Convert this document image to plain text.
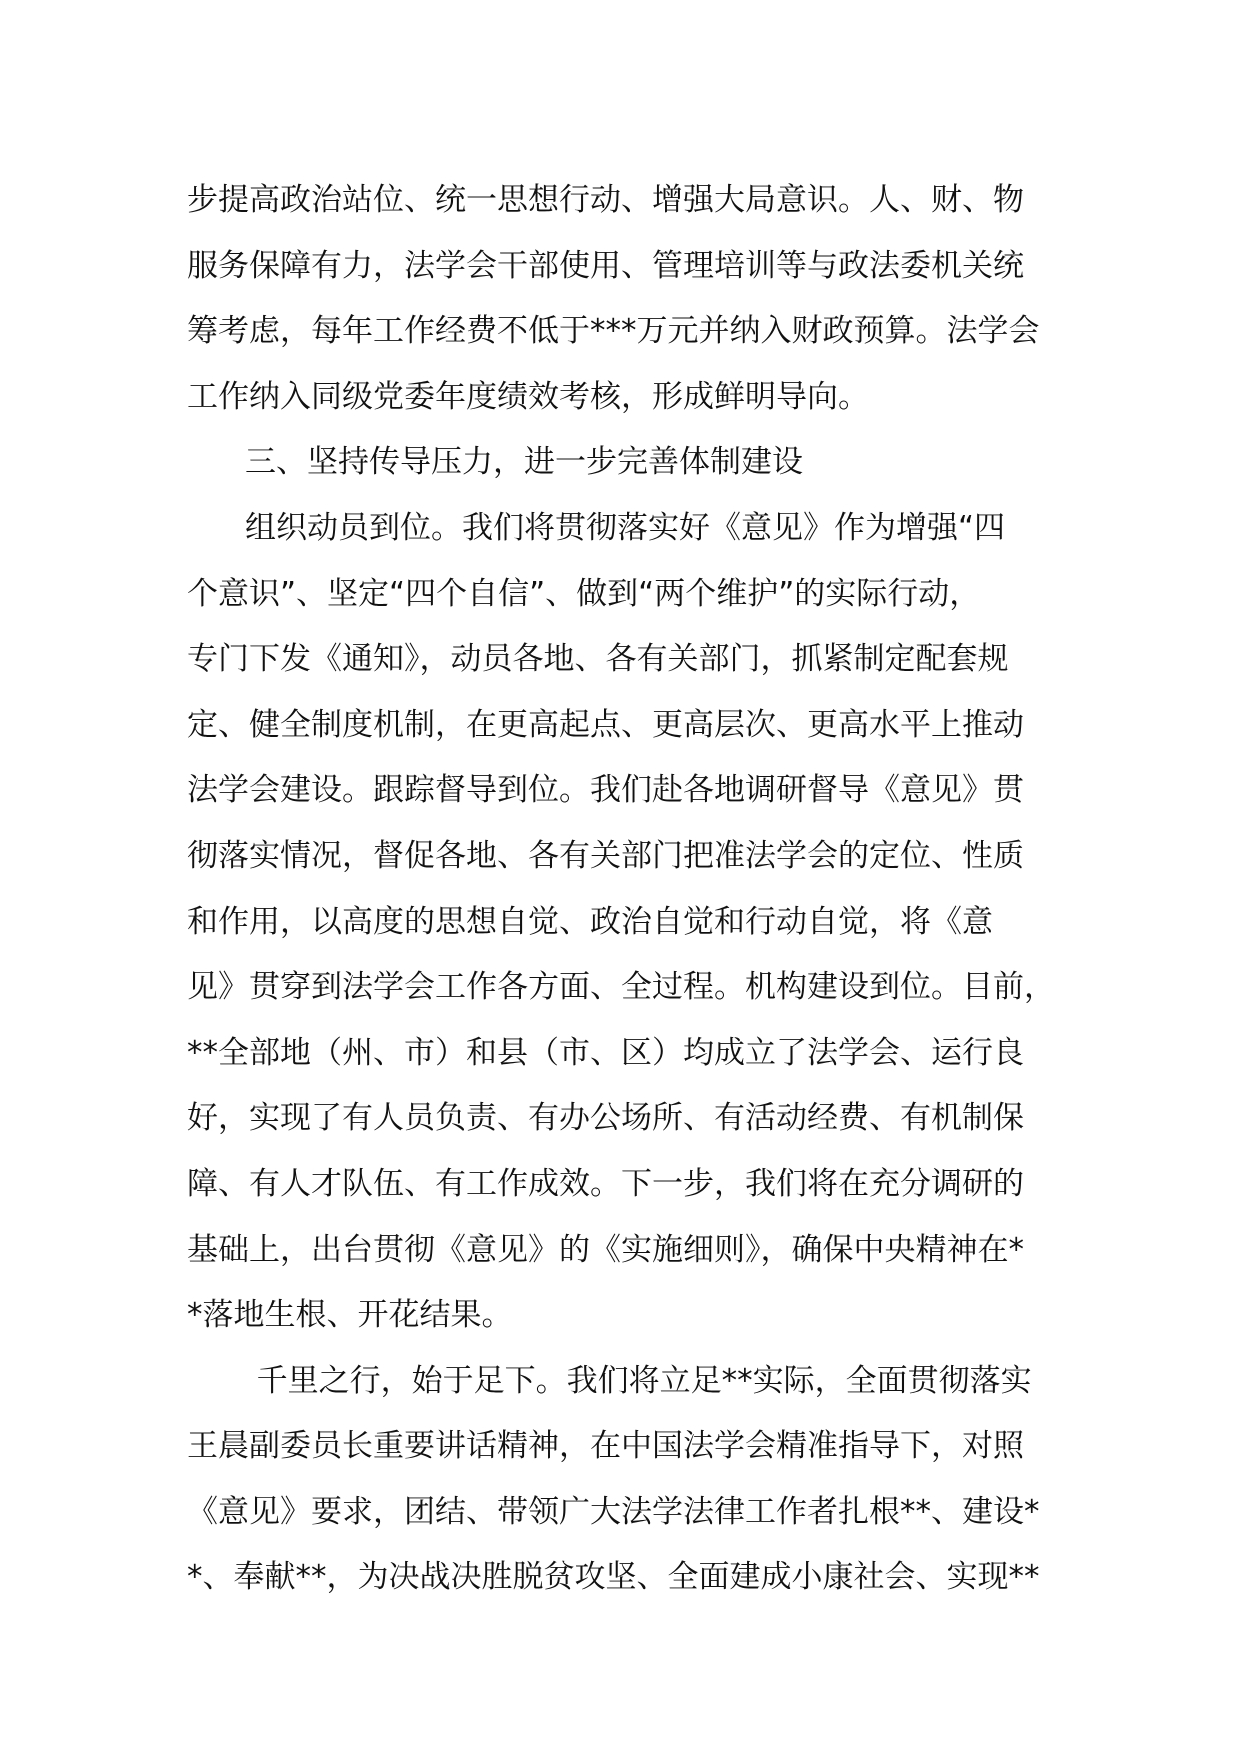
步提高政治站位、统一思想行动、增强大局意识。人、财、物
服务保障有力，法学会干部使用、管理培训等与政法委机关统
筹考虑，每年工作经费不低于***万元并纳入财政预算。法学会
工作纳入同级党委年度绩效考核，形成鲜明导向。
三、坚持传导压力，进一步完善体制建设
组织动员到位。我们将贯彻落实好《意见》作为增强“四
个意识”、坚定“四个自信”、做到“两个维护”的实际行动，
专门下发《通知》，动员各地、各有关部门，抓紧制定配套规
定、健全制度机制，在更高起点、更高层次、更高水平上推动
法学会建设。跟踪督导到位。我们赴各地调研督导《意见》贯
彻落实情况，督促各地、各有关部门把准法学会的定位、性质
和作用，以高度的思想自觉、政治自觉和行动自觉，将《意
见》贯穿到法学会工作各方面、全过程。机构建设到位。目前，
**全部地（州、市）和县（市、区）均成立了法学会、运行良
好，实现了有人员负责、有办公场所、有活动经费、有机制保
障、有人才队伍、有工作成效。下一步，我们将在充分调研的
基础上，出台贯彻《意见》的《实施细则》，确保中央精神在*
*落地生根、开花结果。
千里之行，始于足下。我们将立足**实际，全面贯彻落实
王晨副委员长重要讲话精神，在中国法学会精准指导下，对照
《意见》要求，团结、带领广大法学法律工作者扎根**、建设*
*、奉献**，为决战决胜脱贫攻坚、全面建成小康社会、实现**
